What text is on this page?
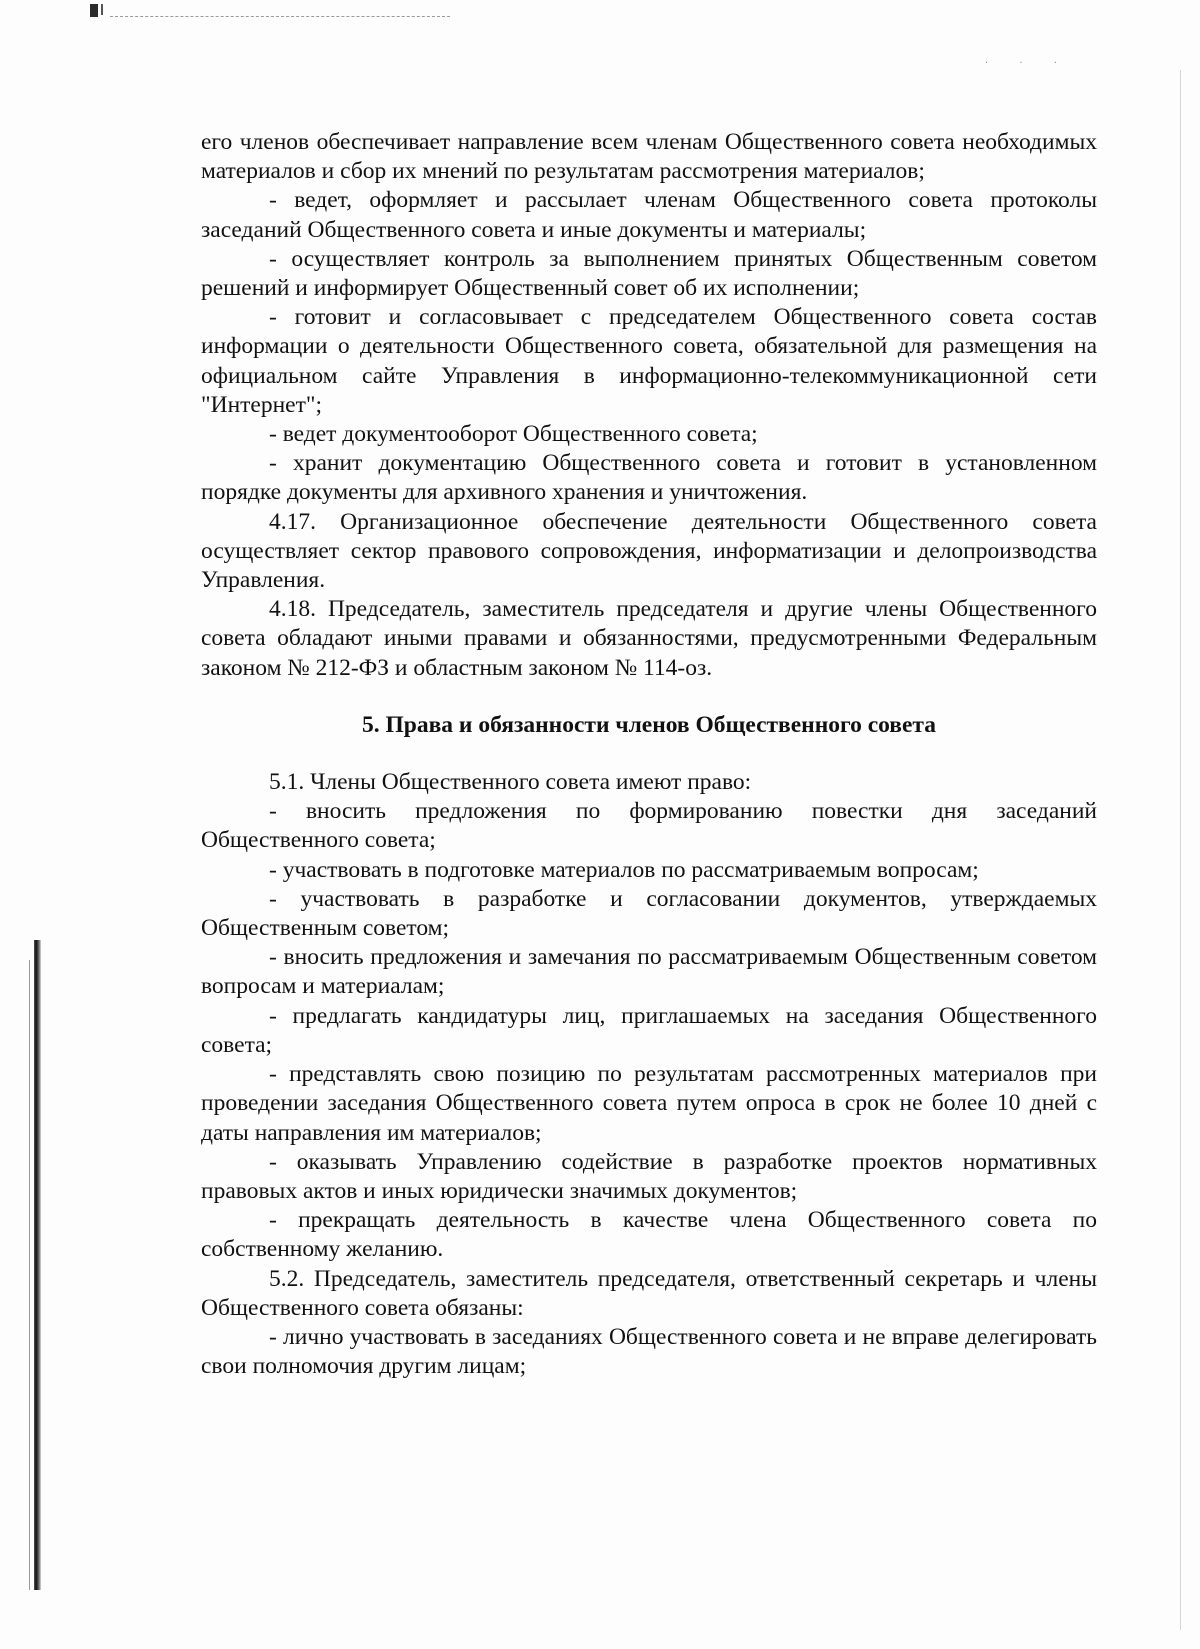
· · ·

его членов обеспечивает направление всем членам Общественного совета необходимых материалов и сбор их мнений по результатам рассмотрения материалов;

- ведет, оформляет и рассылает членам Общественного совета протоколы заседаний Общественного совета и иные документы и материалы;

- осуществляет контроль за выполнением принятых Общественным советом решений и информирует Общественный совет об их исполнении;

- готовит и согласовывает с председателем Общественного совета состав информации о деятельности Общественного совета, обязательной для размещения на официальном сайте Управления в информационно-телекоммуникационной сети "Интернет";

- ведет документооборот Общественного совета;

- хранит документацию Общественного совета и готовит в установленном порядке документы для архивного хранения и уничтожения.

4.17. Организационное обеспечение деятельности Общественного совета осуществляет сектор правового сопровождения, информатизации и делопроизводства Управления.

4.18. Председатель, заместитель председателя и другие члены Общественного совета обладают иными правами и обязанностями, предусмотренными Федеральным законом № 212-ФЗ и областным законом № 114-оз.

5. Права и обязанности членов Общественного совета

5.1. Члены Общественного совета имеют право:

- вносить предложения по формированию повестки дня заседаний Общественного совета;

- участвовать в подготовке материалов по рассматриваемым вопросам;

- участвовать в разработке и согласовании документов, утверждаемых Общественным советом;

- вносить предложения и замечания по рассматриваемым Общественным советом вопросам и материалам;

- предлагать кандидатуры лиц, приглашаемых на заседания Общественного совета;

- представлять свою позицию по результатам рассмотренных материалов при проведении заседания Общественного совета путем опроса в срок не более 10 дней с даты направления им материалов;

- оказывать Управлению содействие в разработке проектов нормативных правовых актов и иных юридически значимых документов;

- прекращать деятельность в качестве члена Общественного совета по собственному желанию.

5.2. Председатель, заместитель председателя, ответственный секретарь и члены Общественного совета обязаны:

- лично участвовать в заседаниях Общественного совета и не вправе делегировать свои полномочия другим лицам;
